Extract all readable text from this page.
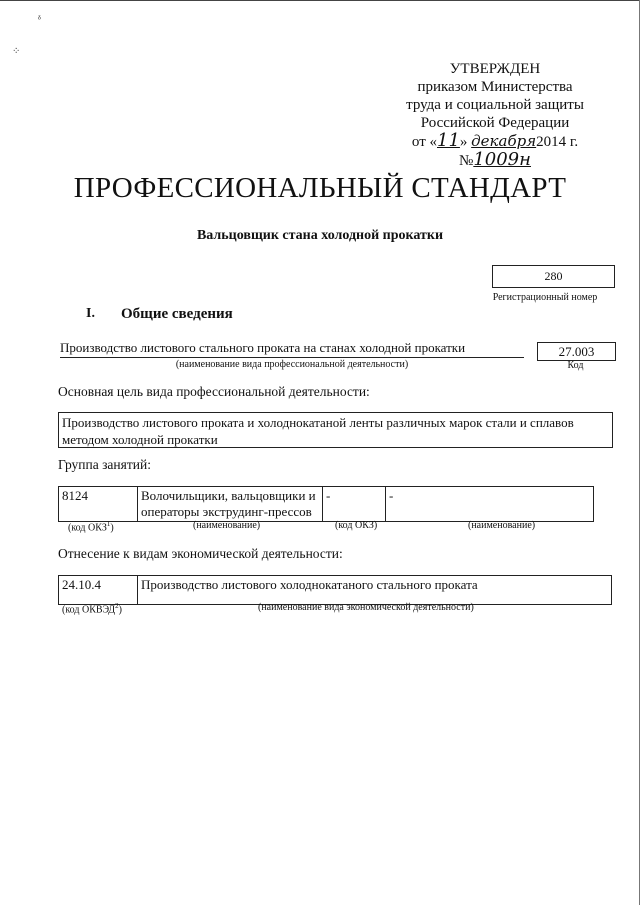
ᵟ
⁘
УТВЕРЖДЕН
приказом Министерства
труда и социальной защиты
Российской Федерации
от «11» декабря2014 г. №1009н
ПРОФЕССИОНАЛЬНЫЙ СТАНДАРТ
Вальцовщик стана холодной прокатки
280
Регистрационный номер
I. Общие сведения
Производство листового стального проката на станах холодной прокатки
(наименование вида профессиональной деятельности)
27.003
Код
Основная цель вида профессиональной деятельности:
Производство листового проката и холоднокатаной ленты различных марок стали и сплавов методом холодной прокатки
Группа занятий:
8124	Волочильщики, вальцовщики и операторы экструдинг-прессов	-	-
(код ОКЗ$^1$)	(наименование)	(код ОКЗ)	(наименование)
Отнесение к видам экономической деятельности:
24.10.4	Производство листового холоднокатаного стального проката
(код ОКВЭД$^2$)	(наименование вида экономической деятельности)
